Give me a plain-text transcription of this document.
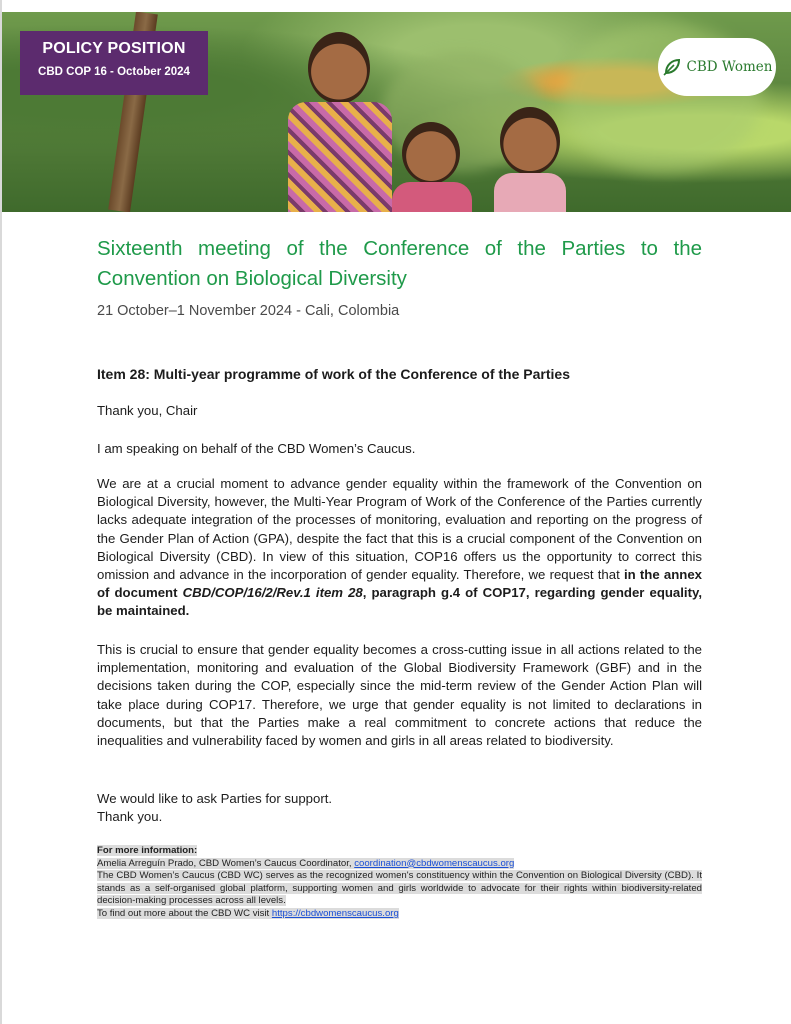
POLICY POSITION
CBD COP 16 - October 2024	CBD Women
Sixteenth meeting of the Conference of the Parties to the Convention on Biological Diversity
21 October–1 November 2024 - Cali, Colombia
Item 28: Multi-year programme of work of the Conference of the Parties
Thank you, Chair
I am speaking on behalf of the CBD Women’s Caucus.
We are at a crucial moment to advance gender equality within the framework of the Convention on Biological Diversity, however, the Multi-Year Program of Work of the Conference of the Parties currently lacks adequate integration of the processes of monitoring, evaluation and reporting on the progress of the Gender Plan of Action (GPA), despite the fact that this is a crucial component of the Convention on Biological Diversity (CBD). In view of this situation, COP16 offers us the opportunity to correct this omission and advance in the incorporation of gender equality. Therefore, we request that in the annex of document CBD/COP/16/2/Rev.1 item 28, paragraph g.4 of COP17, regarding gender equality, be maintained.
This is crucial to ensure that gender equality becomes a cross-cutting issue in all actions related to the implementation, monitoring and evaluation of the Global Biodiversity Framework (GBF) and in the decisions taken during the COP, especially since the mid-term review of the Gender Action Plan will take place during COP17. Therefore, we urge that gender equality is not limited to declarations in documents, but that the Parties make a real commitment to concrete actions that reduce the inequalities and vulnerability faced by women and girls in all areas related to biodiversity.
We would like to ask Parties for support.
Thank you.
For more information:
Amelia Arreguín Prado, CBD Women’s Caucus Coordinator, coordination@cbdwomenscaucus.org
The CBD Women’s Caucus (CBD WC) serves as the recognized women's constituency within the Convention on Biological Diversity (CBD). It stands as a self-organised global platform, supporting women and girls worldwide to advocate for their rights within biodiversity-related decision-making processes across all levels.
To find out more about the CBD WC visit https://cbdwomenscaucus.org
